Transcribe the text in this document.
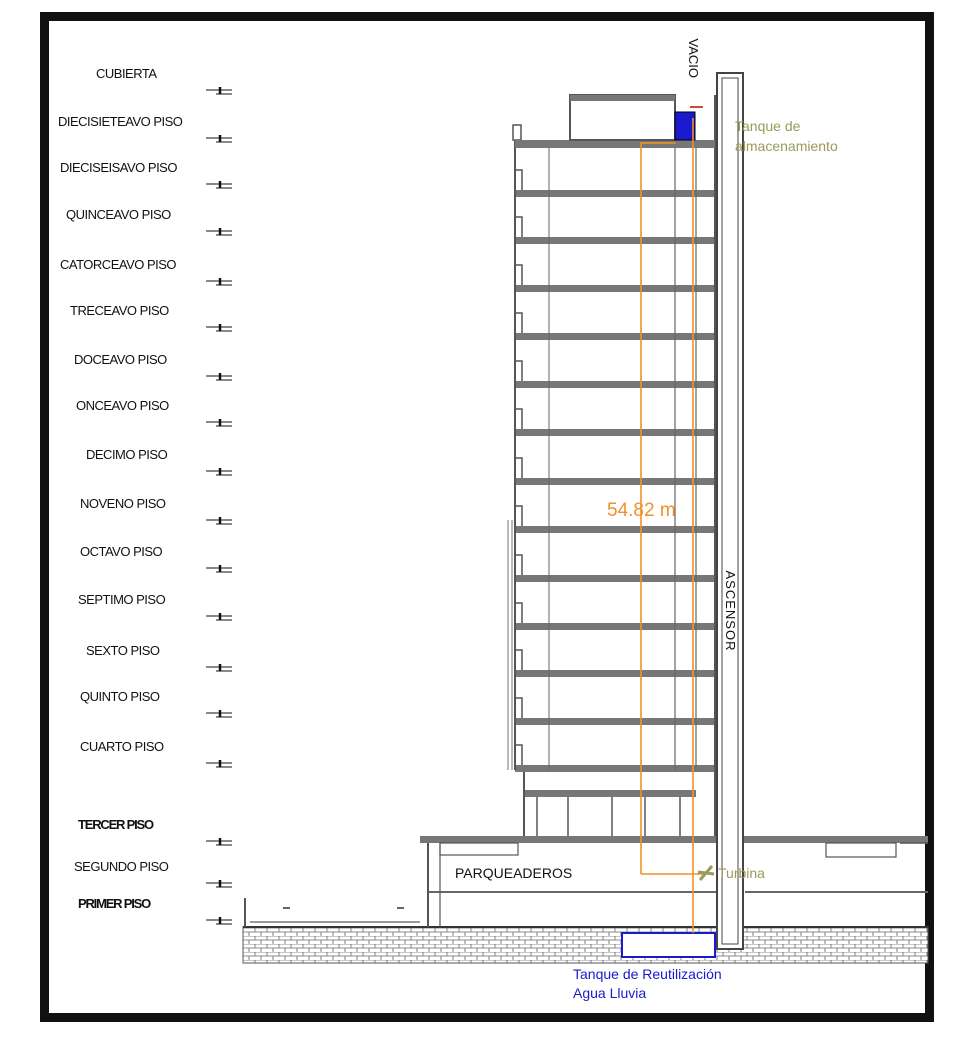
CUBIERTA
DIECISIETEAVO PISO
DIECISEISAVO PISO
QUINCEAVO PISO
CATORCEAVO PISO
TRECEAVO PISO
DOCEAVO PISO
ONCEAVO PISO
DECIMO PISO
NOVENO PISO
OCTAVO PISO
SEPTIMO PISO
SEXTO PISO
QUINTO PISO
CUARTO PISO
TERCER PISO
SEGUNDO PISO
PRIMER PISO
VACIO
Tanque de
almacenamiento
54.82 m
ASCENSOR
PARQUEADEROS	Turbina
Tanque de Reutilización
Agua Lluvia
